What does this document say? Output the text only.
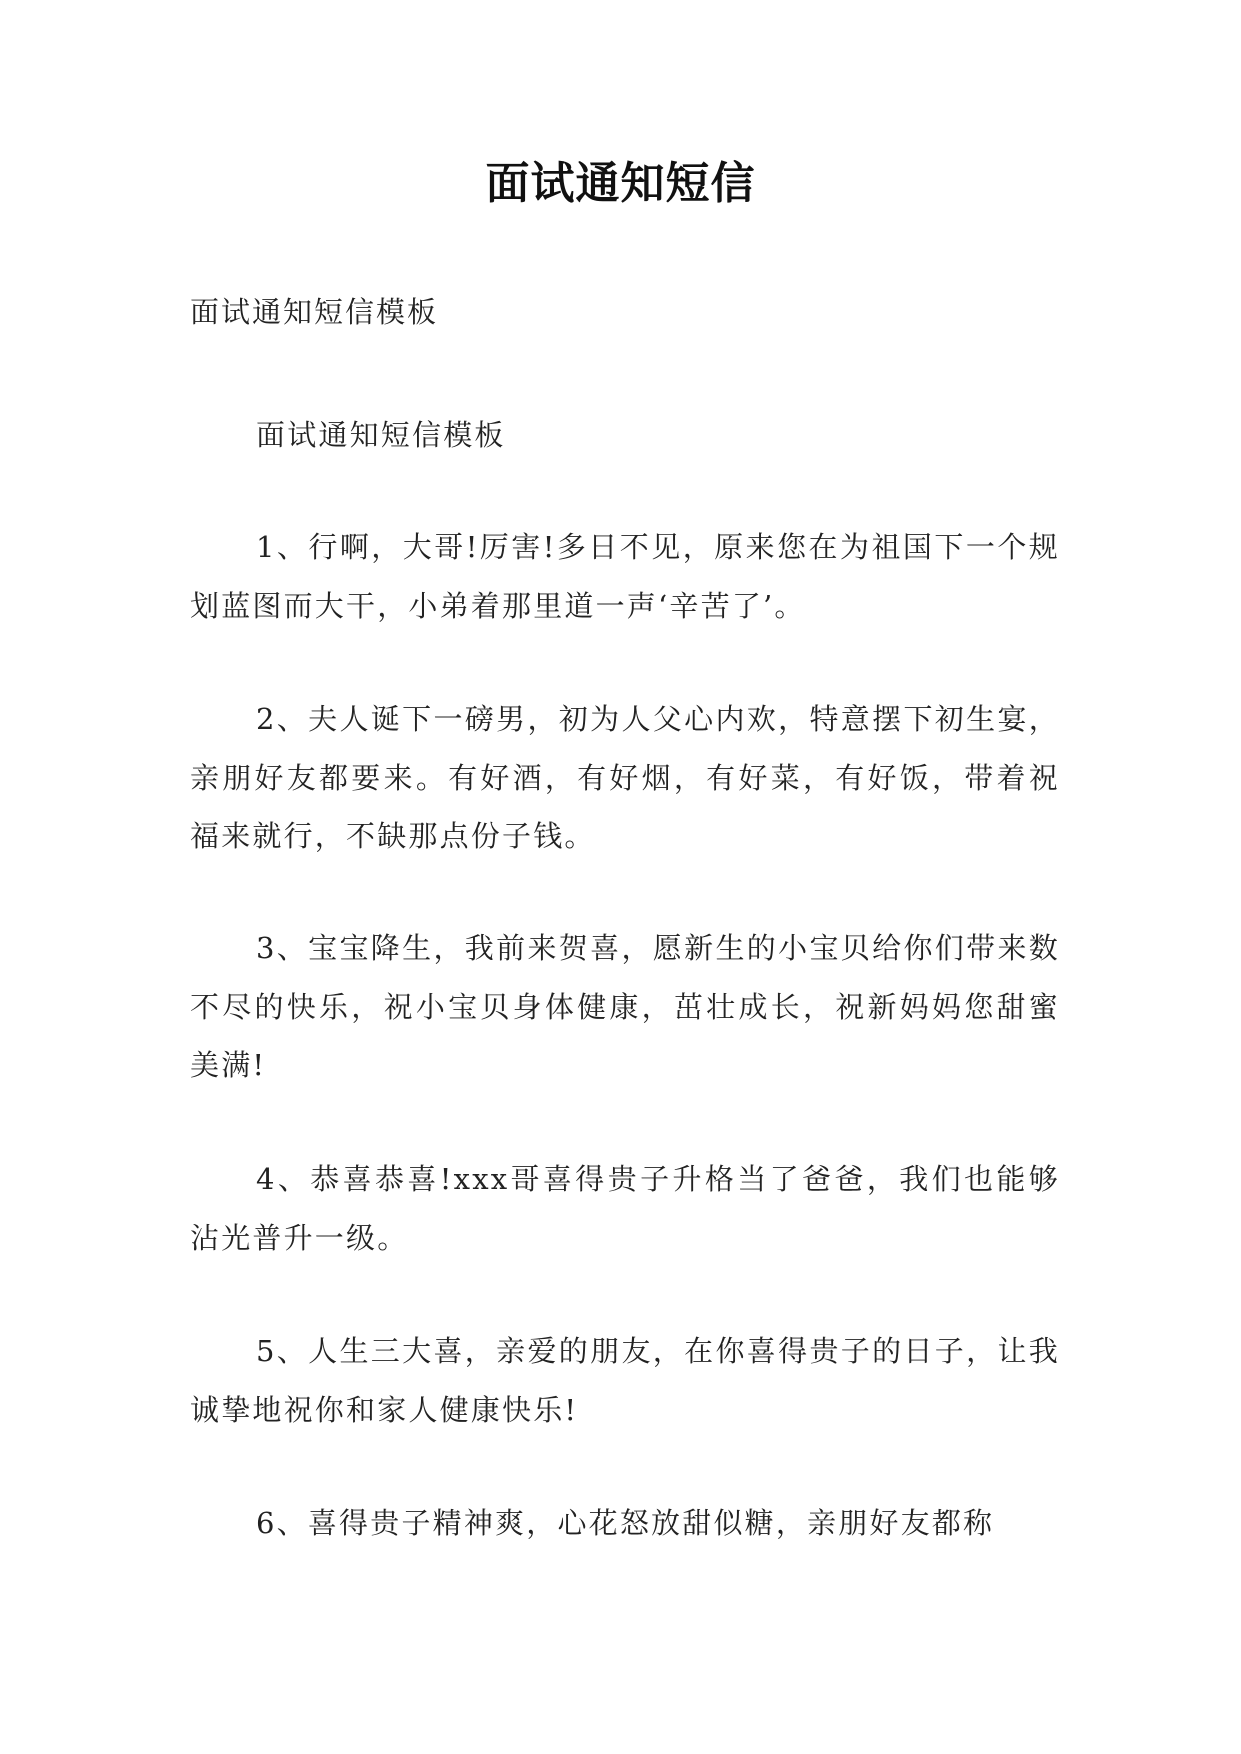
面试通知短信

面试通知短信模板

面试通知短信模板

1、行啊，大哥!厉害!多日不见，原来您在为祖国下一个规划蓝图而大干，小弟着那里道一声‘辛苦了’。

2、夫人诞下一磅男，初为人父心内欢，特意摆下初生宴，亲朋好友都要来。有好酒，有好烟，有好菜，有好饭，带着祝福来就行，不缺那点份子钱。

3、宝宝降生，我前来贺喜，愿新生的小宝贝给你们带来数不尽的快乐，祝小宝贝身体健康，茁壮成长，祝新妈妈您甜蜜美满!

4、恭喜恭喜!xxx哥喜得贵子升格当了爸爸，我们也能够沾光普升一级。

5、人生三大喜，亲爱的朋友，在你喜得贵子的日子，让我诚挚地祝你和家人健康快乐!

6、喜得贵子精神爽，心花怒放甜似糖，亲朋好友都称
